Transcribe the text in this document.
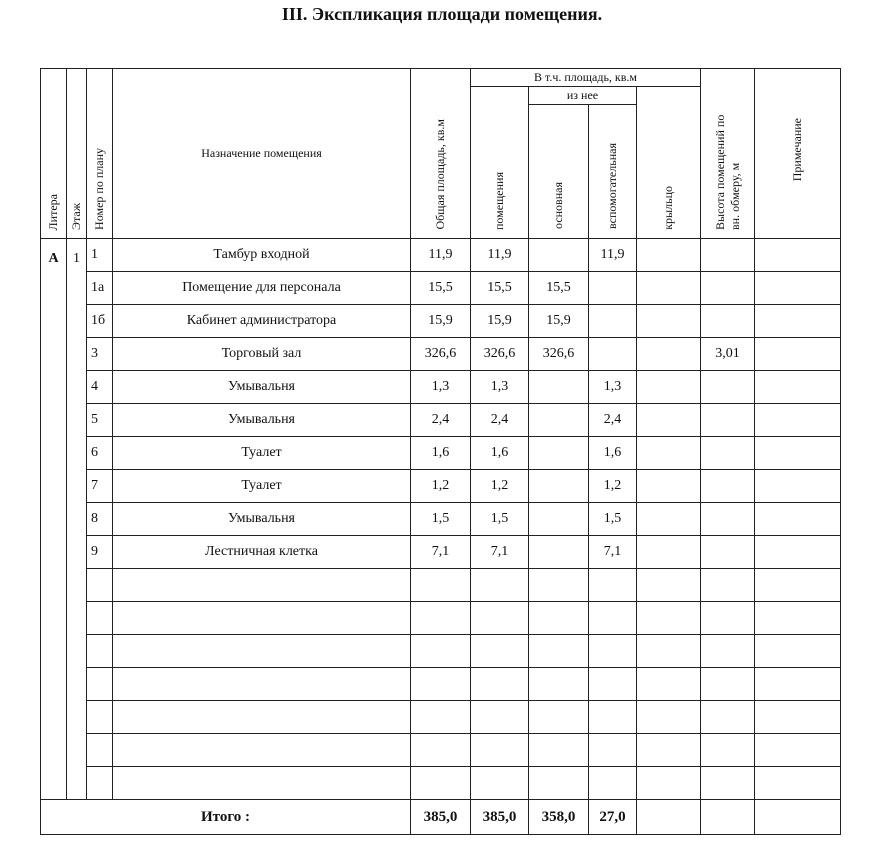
III. Экспликация площади помещения.
Литера	Этаж	Номер по плану	Назначение помещения	Общая площадь, кв.м	В т.ч. площадь, кв.м				Высота помещений по вн. обмеру, м	Примечание
					помещения	из нее		крыльцо		
						основная	вспомогательная			
А	1	1	Тамбур входной	11,9	11,9		11,9			
		1а	Помещение для персонала	15,5	15,5	15,5				
		1б	Кабинет администратора	15,9	15,9	15,9				
		3	Торговый зал	326,6	326,6	326,6			3,01	
		4	Умывальня	1,3	1,3		1,3			
		5	Умывальня	2,4	2,4		2,4			
		6	Туалет	1,6	1,6		1,6			
		7	Туалет	1,2	1,2		1,2			
		8	Умывальня	1,5	1,5		1,5			
		9	Лестничная клетка	7,1	7,1		7,1			

Итого :				385,0	385,0	358,0	27,0			
